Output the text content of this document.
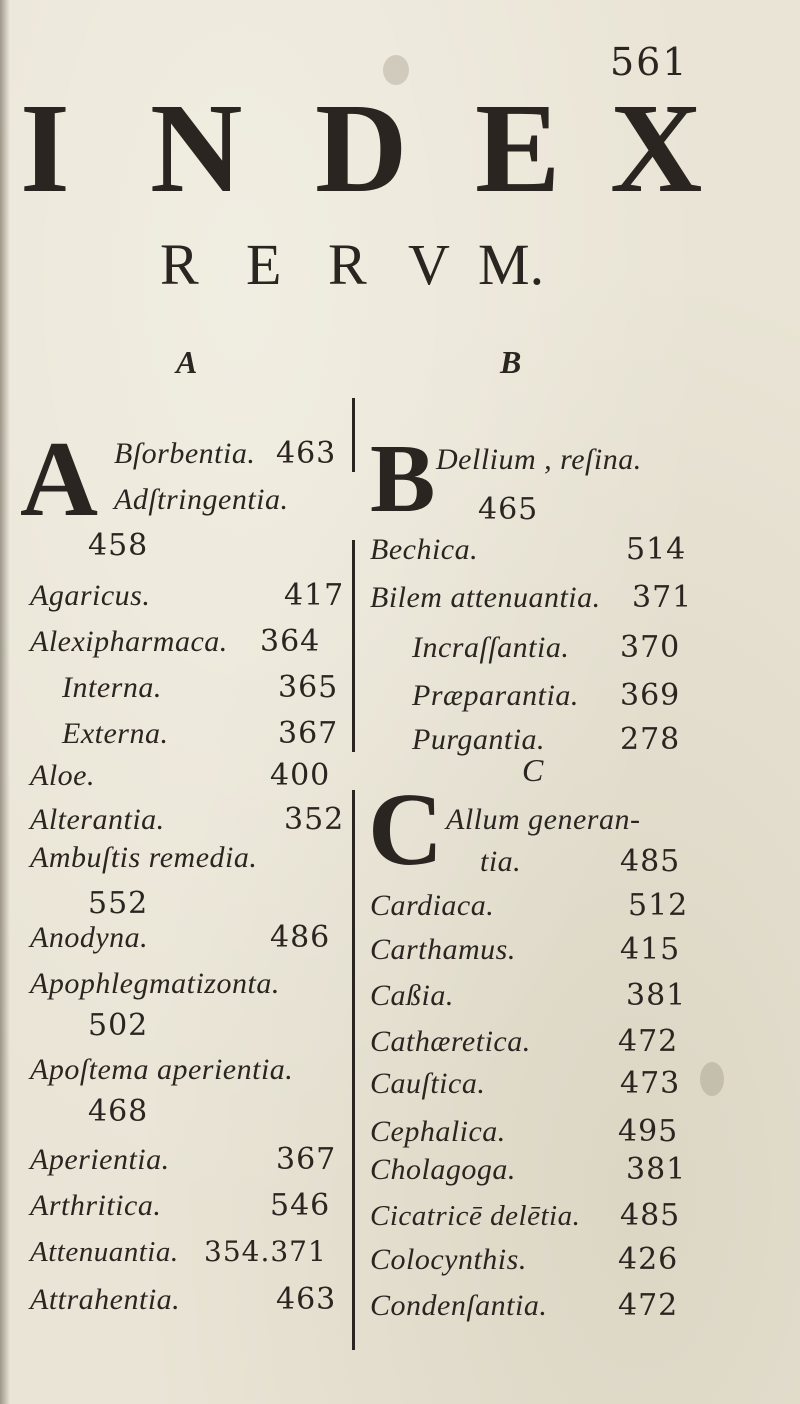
561
I N D E X
R E R V M.
A	B
A Bſorbentia. 463
Adſtringentia.
458
Agaricus.	417
Alexipharmaca. 364
Interna.	365
Externa.	367
Aloe.	400
Alterantia.	352
Ambuſtis remedia.
552
Anodyna.	486
Apophlegmatizonta.
502
Apoſtema aperientia.
468
Aperientia.	367
Arthritica.	546
Attenuantia. 354.371
Attrahentia.	463
B Dellium , reſina.
465
Bechica.	514
Bilem attenuantia. 371
Incraſſantia. 370
Præparantia. 369
Purgantia. 278
C
C Allum generan-
tia.	485
Cardiaca.	512
Carthamus.	415
Caßia.	381
Cathæretica.	472
Cauſtica.	473
Cephalica.	495
Cholagoga.	381
Cicatricē delētia. 485
Colocynthis.	426
Condenſantia. 472
